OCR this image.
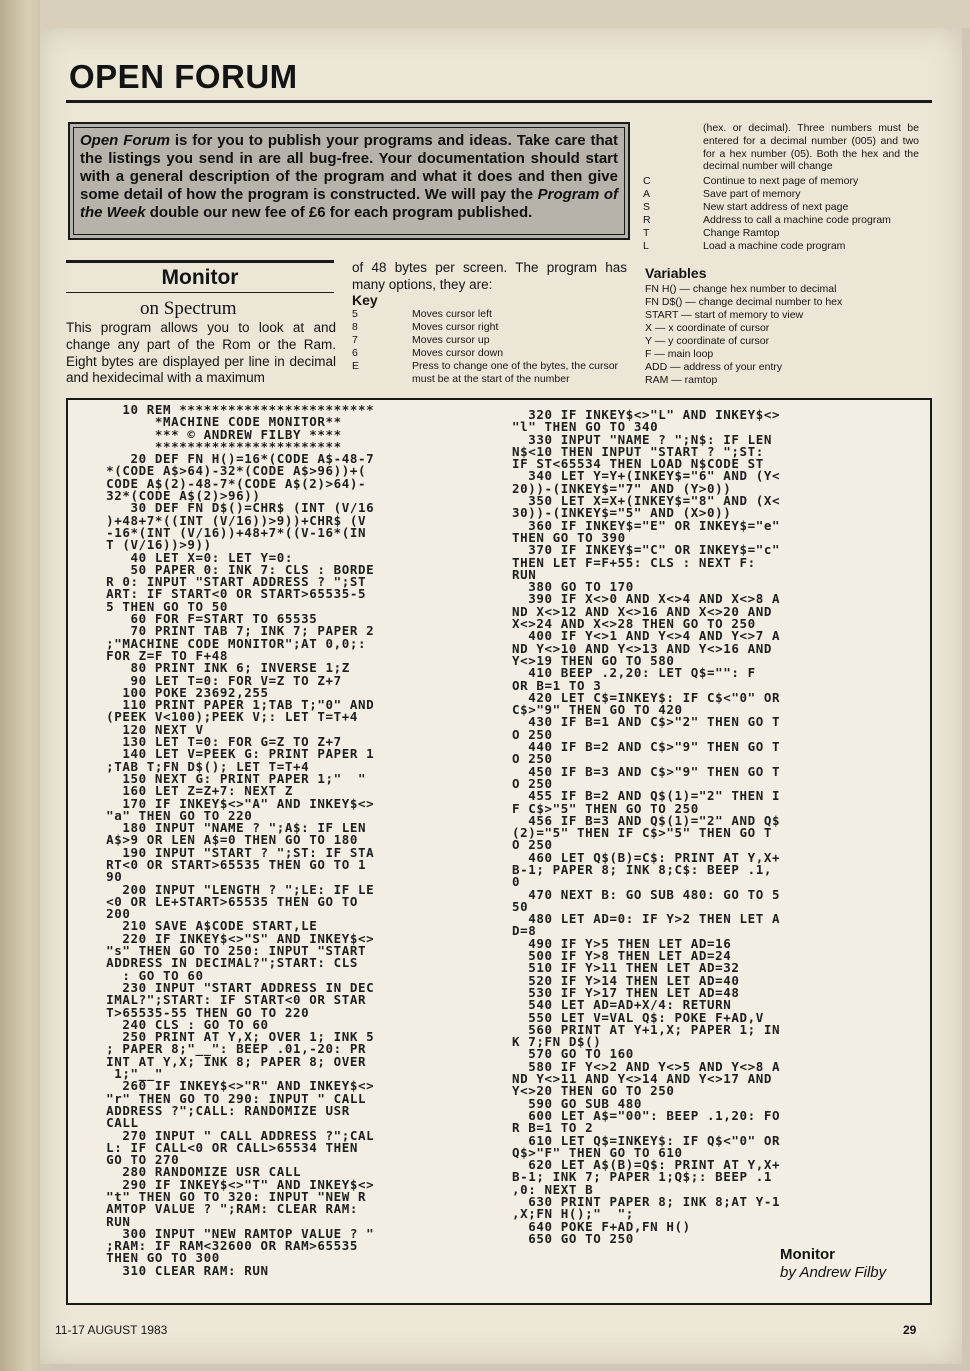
OPEN FORUM
Open Forum is for you to publish your programs and ideas. Take care that the listings you send in are all bug-free. Your documentation should start with a general description of the program and what it does and then give some detail of how the program is constructed. We will pay the Program of the Week double our new fee of £6 for each program published.
(hex. or decimal). Three numbers must be entered for a decimal number (005) and two for a hex number (05). Both the hex and the decimal number will change
C	Continue to next page of memory
A	Save part of memory
S	New start address of next page
R	Address to call a machine code program
T	Change Ramtop
L	Load a machine code program
Monitor
on Spectrum
This program allows you to look at and change any part of the Rom or the Ram. Eight bytes are displayed per line in decimal and hexidecimal with a maximum
of 48 bytes per screen. The program has many options, they are:
Key
5	Moves cursor left
8	Moves cursor right
7	Moves cursor up
6	Moves cursor down
E	Press to change one of the bytes, the cursor must be at the start of the number
Variables
FN H() — change hex number to decimal
FN D$() — change decimal number to hex
START — start of memory to view
X — x coordinate of cursor
Y — y coordinate of cursor
F — main loop
ADD — address of your entry
RAM — ramtop
10 REM ************************
*MACHINE CODE MONITOR**
*** © ANDREW FILBY ****
***********************
20 DEF FN H()=16*(CODE A$-48-7
*(CODE A$>64)-32*(CODE A$>96))+(
CODE A$(2)-48-7*(CODE A$(2)>64)-
32*(CODE A$(2)>96))
30 DEF FN D$()=CHR$ (INT (V/16
)+48+7*((INT (V/16))>9))+CHR$ (V
-16*(INT (V/16))+48+7*((V-16*(IN
T (V/16))>9))
40 LET X=0: LET Y=0:
50 PAPER 0: INK 7: CLS : BORDE
R 0: INPUT "START ADDRESS ? ";ST
ART: IF START<0 OR START>65535-5
5 THEN GO TO 50
60 FOR F=START TO 65535
70 PRINT TAB 7; INK 7; PAPER 2
;"MACHINE CODE MONITOR";AT 0,0;:
FOR Z=F TO F+48
80 PRINT INK 6; INVERSE 1;Z
90 LET T=0: FOR V=Z TO Z+7
100 POKE 23692,255
110 PRINT PAPER 1;TAB T;"0" AND
(PEEK V<100);PEEK V;: LET T=T+4
120 NEXT V
130 LET T=0: FOR G=Z TO Z+7
140 LET V=PEEK G: PRINT PAPER 1
;TAB T;FN D$(); LET T=T+4
150 NEXT G: PRINT PAPER 1;"  "
160 LET Z=Z+7: NEXT Z
170 IF INKEY$<>"A" AND INKEY$<>
"a" THEN GO TO 220
180 INPUT "NAME ? ";A$: IF LEN
A$>9 OR LEN A$=0 THEN GO TO 180
190 INPUT "START ? ";ST: IF STA
RT<0 OR START>65535 THEN GO TO 1
90
200 INPUT "LENGTH ? ";LE: IF LE
<0 OR LE+START>65535 THEN GO TO
200
210 SAVE A$CODE START,LE
220 IF INKEY$<>"S" AND INKEY$<>
"s" THEN GO TO 250: INPUT "START
ADDRESS IN DECIMAL?";START: CLS
: GO TO 60
230 INPUT "START ADDRESS IN DEC
IMAL?";START: IF START<0 OR STAR
T>65535-55 THEN GO TO 220
240 CLS : GO TO 60
250 PRINT AT Y,X; OVER 1; INK 5
; PAPER 8;"__": BEEP .01,-20: PR
INT AT Y,X; INK 8; PAPER 8; OVER
1;"__"
260 IF INKEY$<>"R" AND INKEY$<>
"r" THEN GO TO 290: INPUT " CALL
ADDRESS ?";CALL: RANDOMIZE USR
CALL
270 INPUT " CALL ADDRESS ?";CAL
L: IF CALL<0 OR CALL>65534 THEN
GO TO 270
280 RANDOMIZE USR CALL
290 IF INKEY$<>"T" AND INKEY$<>
"t" THEN GO TO 320: INPUT "NEW R
AMTOP VALUE ? ";RAM: CLEAR RAM:
RUN
300 INPUT "NEW RAMTOP VALUE ? "
;RAM: IF RAM<32600 OR RAM>65535
THEN GO TO 300
310 CLEAR RAM: RUN
320 IF INKEY$<>"L" AND INKEY$<>
"l" THEN GO TO 340
330 INPUT "NAME ? ";N$: IF LEN
N$<10 THEN INPUT "START ? ";ST:
IF ST<65534 THEN LOAD N$CODE ST
340 LET Y=Y+(INKEY$="6" AND (Y<
20))-(INKEY$="7" AND (Y>0))
350 LET X=X+(INKEY$="8" AND (X<
30))-(INKEY$="5" AND (X>0))
360 IF INKEY$="E" OR INKEY$="e"
THEN GO TO 390
370 IF INKEY$="C" OR INKEY$="c"
THEN LET F=F+55: CLS : NEXT F:
RUN
380 GO TO 170
390 IF X<>0 AND X<>4 AND X<>8 A
ND X<>12 AND X<>16 AND X<>20 AND
X<>24 AND X<>28 THEN GO TO 250
400 IF Y<>1 AND Y<>4 AND Y<>7 A
ND Y<>10 AND Y<>13 AND Y<>16 AND
Y<>19 THEN GO TO 580
410 BEEP .2,20: LET Q$="": F
OR B=1 TO 3
420 LET C$=INKEY$: IF C$<"0" OR
C$>"9" THEN GO TO 420
430 IF B=1 AND C$>"2" THEN GO T
O 250
440 IF B=2 AND C$>"9" THEN GO T
O 250
450 IF B=3 AND C$>"9" THEN GO T
O 250
455 IF B=2 AND Q$(1)="2" THEN I
F C$>"5" THEN GO TO 250
456 IF B=3 AND Q$(1)="2" AND Q$
(2)="5" THEN IF C$>"5" THEN GO T
O 250
460 LET Q$(B)=C$: PRINT AT Y,X+
B-1; PAPER 8; INK 8;C$: BEEP .1,
0
470 NEXT B: GO SUB 480: GO TO 5
50
480 LET AD=0: IF Y>2 THEN LET A
D=8
490 IF Y>5 THEN LET AD=16
500 IF Y>8 THEN LET AD=24
510 IF Y>11 THEN LET AD=32
520 IF Y>14 THEN LET AD=40
530 IF Y>17 THEN LET AD=48
540 LET AD=AD+X/4: RETURN
550 LET V=VAL Q$: POKE F+AD,V
560 PRINT AT Y+1,X; PAPER 1; IN
K 7;FN D$()
570 GO TO 160
580 IF Y<>2 AND Y<>5 AND Y<>8 A
ND Y<>11 AND Y<>14 AND Y<>17 AND
Y<>20 THEN GO TO 250
590 GO SUB 480
600 LET A$="00": BEEP .1,20: FO
R B=1 TO 2
610 LET Q$=INKEY$: IF Q$<"0" OR
Q$>"F" THEN GO TO 610
620 LET A$(B)=Q$: PRINT AT Y,X+
B-1; INK 7; PAPER 1;Q$;: BEEP .1
,0: NEXT B
630 PRINT PAPER 8; INK 8;AT Y-1
,X;FN H();"  ";
640 POKE F+AD,FN H()
650 GO TO 250
Monitor
by Andrew Filby
11-17 AUGUST 1983	29
